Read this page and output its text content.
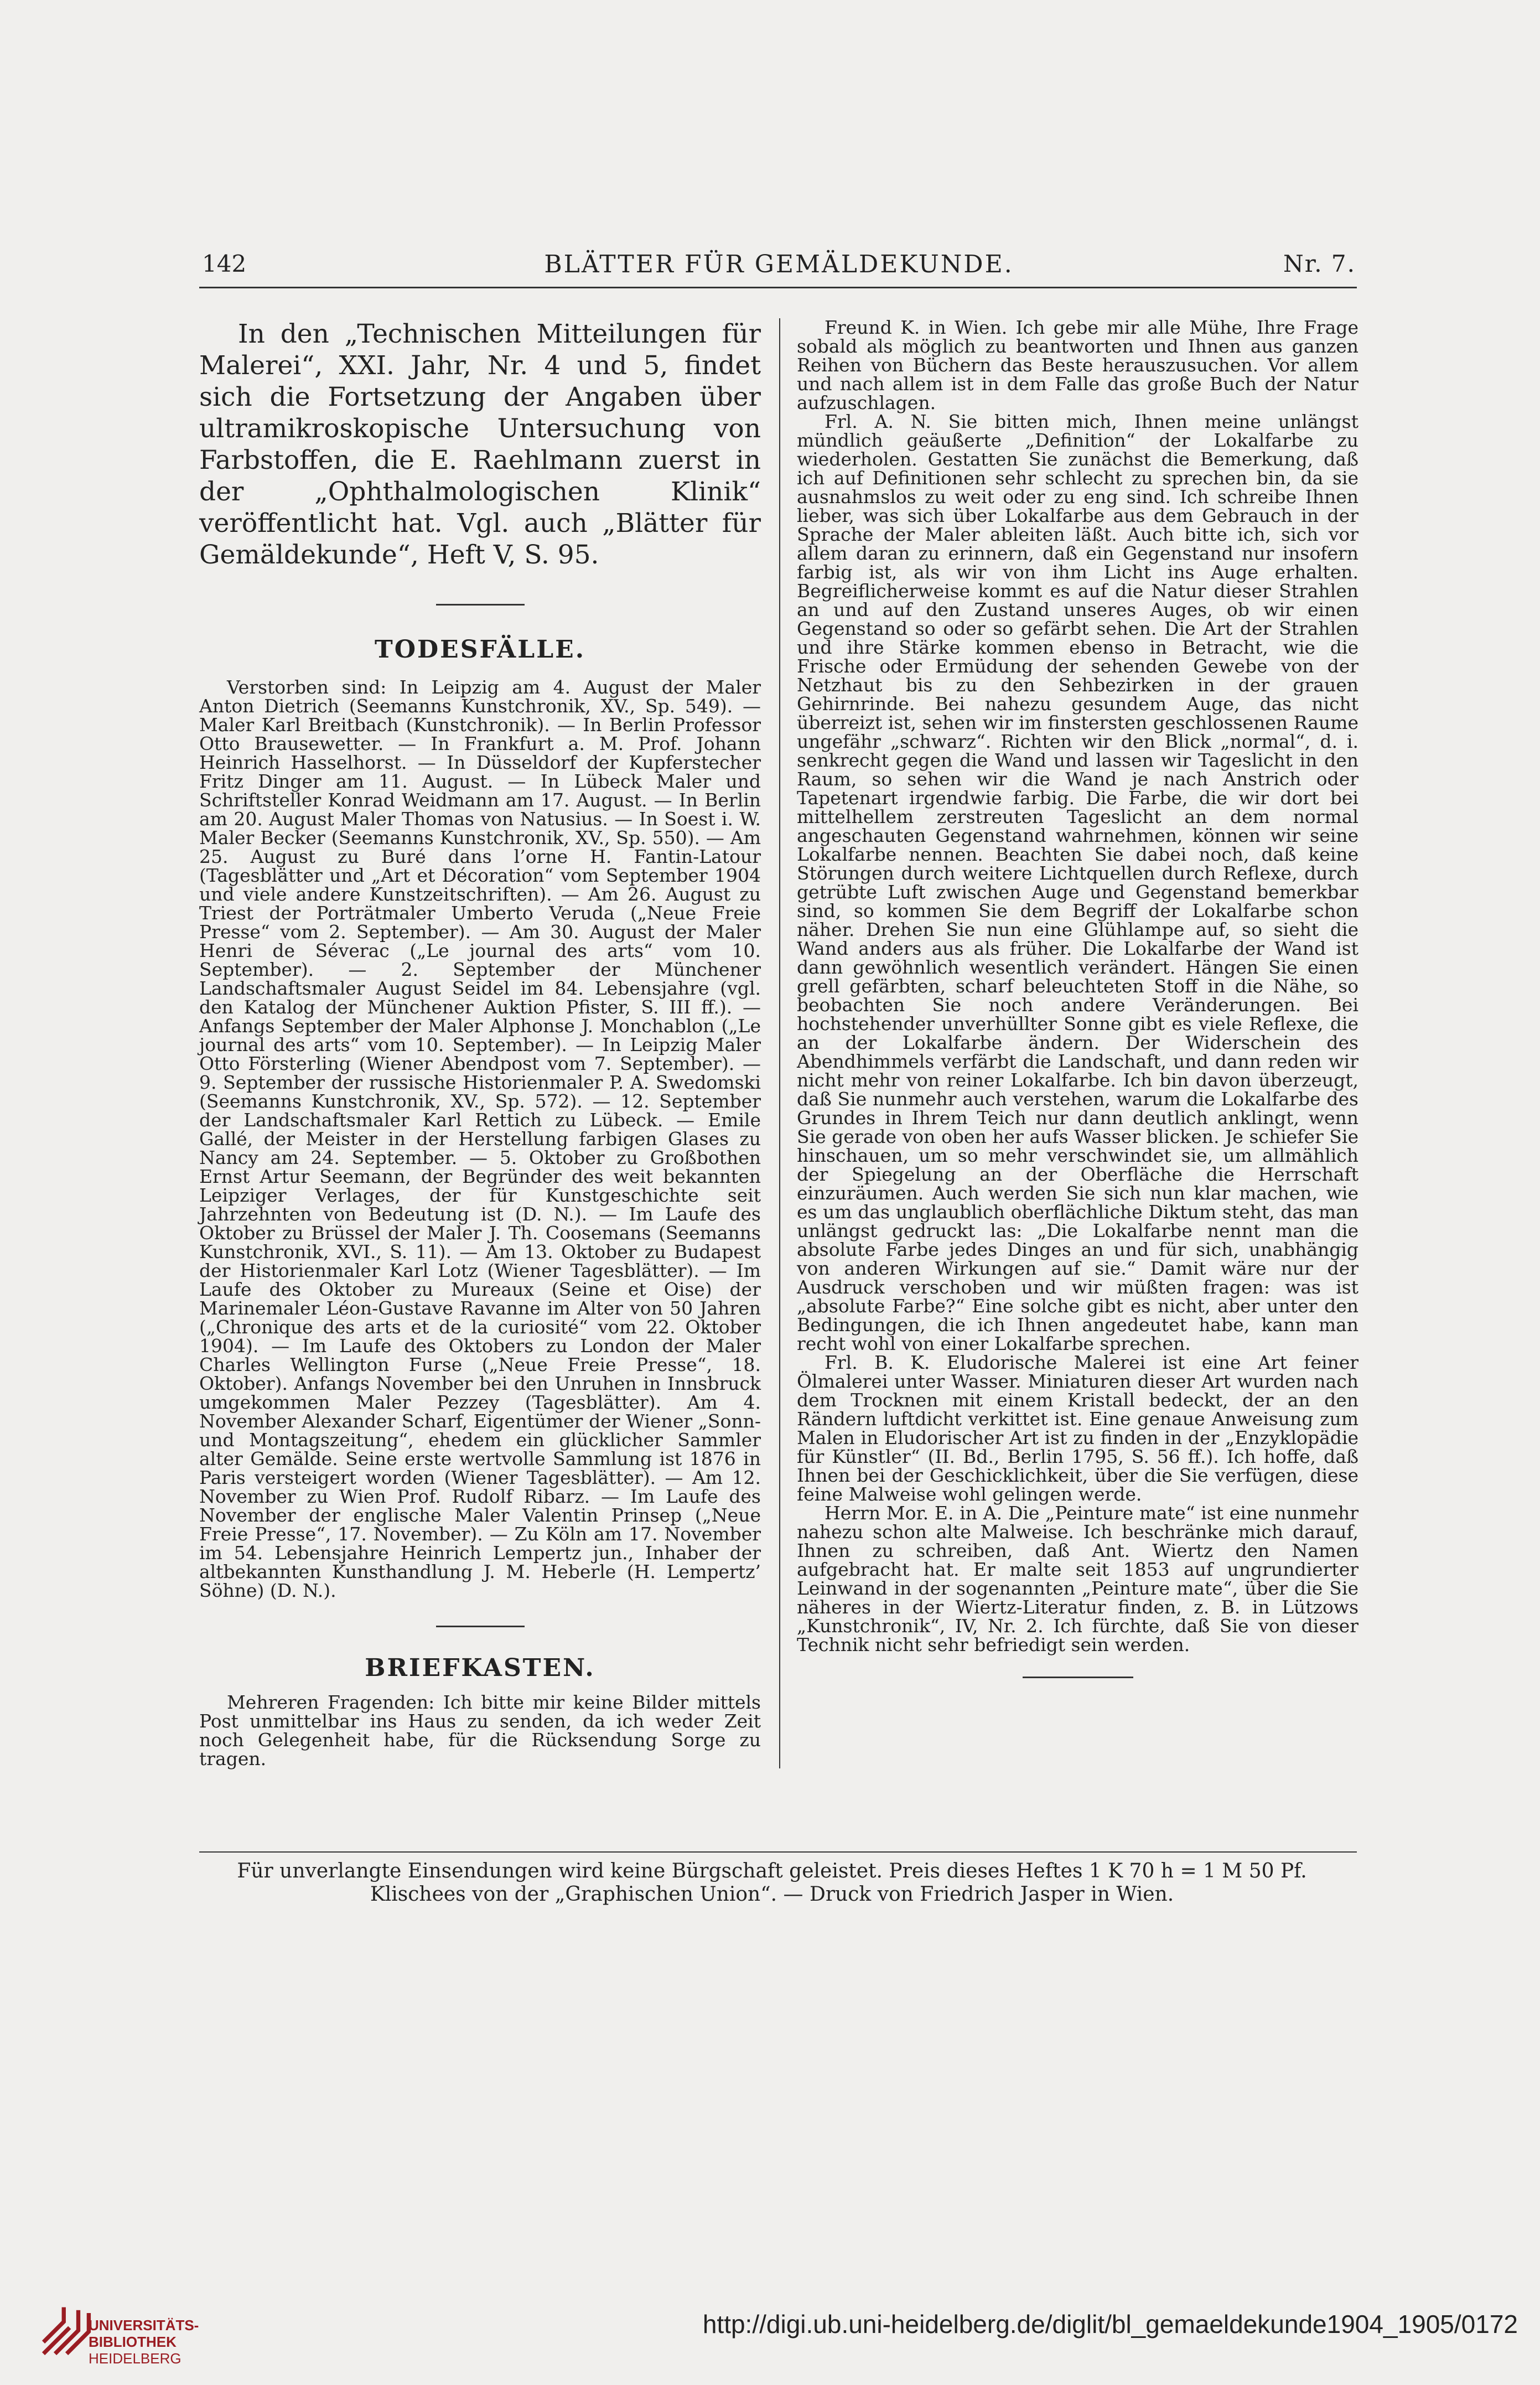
142	BLÄTTER FÜR GEMÄLDEKUNDE.	Nr. 7.

In den „Technischen Mitteilungen für Malerei“, XXI. Jahr, Nr. 4 und 5, findet sich die Fortsetzung der Angaben über ultramikroskopische Untersuchung von Farbstoffen, die E. Raehlmann zuerst in der „Ophthalmologischen Klinik“ veröffentlicht hat. Vgl. auch „Blätter für Gemäldekunde“, Heft V, S. 95.

TODESFÄLLE.

Verstorben sind: In Leipzig am 4. August der Maler Anton Dietrich (Seemanns Kunstchronik, XV., Sp. 549). — Maler Karl Breitbach (Kunstchronik). — In Berlin Professor Otto Brausewetter. — In Frankfurt a. M. Prof. Johann Heinrich Hasselhorst. — In Düsseldorf der Kupferstecher Fritz Dinger am 11. August. — In Lübeck Maler und Schriftsteller Konrad Weidmann am 17. August. — In Berlin am 20. August Maler Thomas von Natusius. — In Soest i. W. Maler Becker (Seemanns Kunstchronik, XV., Sp. 550). — Am 25. August zu Buré dans l’orne H. Fantin-Latour (Tagesblätter und „Art et Décoration“ vom September 1904 und viele andere Kunstzeitschriften). — Am 26. August zu Triest der Porträtmaler Umberto Veruda („Neue Freie Presse“ vom 2. September). — Am 30. August der Maler Henri de Séverac („Le journal des arts“ vom 10. September). — 2. September der Münchener Landschaftsmaler August Seidel im 84. Lebensjahre (vgl. den Katalog der Münchener Auktion Pfister, S. III ff.). — Anfangs September der Maler Alphonse J. Monchablon („Le journal des arts“ vom 10. September). — In Leipzig Maler Otto Försterling (Wiener Abendpost vom 7. September). — 9. September der russische Historienmaler P. A. Swedomski (Seemanns Kunstchronik, XV., Sp. 572). — 12. September der Landschaftsmaler Karl Rettich zu Lübeck. — Emile Gallé, der Meister in der Herstellung farbigen Glases zu Nancy am 24. September. — 5. Oktober zu Großbothen Ernst Artur Seemann, der Begründer des weit bekannten Leipziger Verlages, der für Kunstgeschichte seit Jahrzehnten von Bedeutung ist (D. N.). — Im Laufe des Oktober zu Brüssel der Maler J. Th. Coosemans (Seemanns Kunstchronik, XVI., S. 11). — Am 13. Oktober zu Budapest der Historienmaler Karl Lotz (Wiener Tagesblätter). — Im Laufe des Oktober zu Mureaux (Seine et Oise) der Marinemaler Léon-Gustave Ravanne im Alter von 50 Jahren („Chronique des arts et de la curiosité“ vom 22. Oktober 1904). — Im Laufe des Oktobers zu London der Maler Charles Wellington Furse („Neue Freie Presse“, 18. Oktober). Anfangs November bei den Unruhen in Innsbruck umgekommen Maler Pezzey (Tagesblätter). Am 4. November Alexander Scharf, Eigentümer der Wiener „Sonn- und Montagszeitung“, ehedem ein glücklicher Sammler alter Gemälde. Seine erste wertvolle Sammlung ist 1876 in Paris versteigert worden (Wiener Tagesblätter). — Am 12. November zu Wien Prof. Rudolf Ribarz. — Im Laufe des November der englische Maler Valentin Prinsep („Neue Freie Presse“, 17. November). — Zu Köln am 17. November im 54. Lebensjahre Heinrich Lempertz jun., Inhaber der altbekannten Kunsthandlung J. M. Heberle (H. Lempertz’ Söhne) (D. N.).

BRIEFKASTEN.

Mehreren Fragenden: Ich bitte mir keine Bilder mittels Post unmittelbar ins Haus zu senden, da ich weder Zeit noch Gelegenheit habe, für die Rücksendung Sorge zu tragen.

Freund K. in Wien. Ich gebe mir alle Mühe, Ihre Frage sobald als möglich zu beantworten und Ihnen aus ganzen Reihen von Büchern das Beste herauszusuchen. Vor allem und nach allem ist in dem Falle das große Buch der Natur aufzuschlagen.

Frl. A. N. Sie bitten mich, Ihnen meine unlängst mündlich geäußerte „Definition“ der Lokalfarbe zu wiederholen. Gestatten Sie zunächst die Bemerkung, daß ich auf Definitionen sehr schlecht zu sprechen bin, da sie ausnahmslos zu weit oder zu eng sind. Ich schreibe Ihnen lieber, was sich über Lokalfarbe aus dem Gebrauch in der Sprache der Maler ableiten läßt. Auch bitte ich, sich vor allem daran zu erinnern, daß ein Gegenstand nur insofern farbig ist, als wir von ihm Licht ins Auge erhalten. Begreiflicherweise kommt es auf die Natur dieser Strahlen an und auf den Zustand unseres Auges, ob wir einen Gegenstand so oder so gefärbt sehen. Die Art der Strahlen und ihre Stärke kommen ebenso in Betracht, wie die Frische oder Ermüdung der sehenden Gewebe von der Netzhaut bis zu den Sehbezirken in der grauen Gehirnrinde. Bei nahezu gesundem Auge, das nicht überreizt ist, sehen wir im finstersten geschlossenen Raume ungefähr „schwarz“. Richten wir den Blick „normal“, d. i. senkrecht gegen die Wand und lassen wir Tageslicht in den Raum, so sehen wir die Wand je nach Anstrich oder Tapetenart irgendwie farbig. Die Farbe, die wir dort bei mittelhellem zerstreuten Tageslicht an dem normal angeschauten Gegenstand wahrnehmen, können wir seine Lokalfarbe nennen. Beachten Sie dabei noch, daß keine Störungen durch weitere Lichtquellen durch Reflexe, durch getrübte Luft zwischen Auge und Gegenstand bemerkbar sind, so kommen Sie dem Begriff der Lokalfarbe schon näher. Drehen Sie nun eine Glühlampe auf, so sieht die Wand anders aus als früher. Die Lokalfarbe der Wand ist dann gewöhnlich wesentlich verändert. Hängen Sie einen grell gefärbten, scharf beleuchteten Stoff in die Nähe, so beobachten Sie noch andere Veränderungen. Bei hochstehender unverhüllter Sonne gibt es viele Reflexe, die an der Lokalfarbe ändern. Der Widerschein des Abendhimmels verfärbt die Landschaft, und dann reden wir nicht mehr von reiner Lokalfarbe. Ich bin davon überzeugt, daß Sie nunmehr auch verstehen, warum die Lokalfarbe des Grundes in Ihrem Teich nur dann deutlich anklingt, wenn Sie gerade von oben her aufs Wasser blicken. Je schiefer Sie hinschauen, um so mehr verschwindet sie, um allmählich der Spiegelung an der Oberfläche die Herrschaft einzuräumen. Auch werden Sie sich nun klar machen, wie es um das unglaublich oberflächliche Diktum steht, das man unlängst gedruckt las: „Die Lokalfarbe nennt man die absolute Farbe jedes Dinges an und für sich, unabhängig von anderen Wirkungen auf sie.“ Damit wäre nur der Ausdruck verschoben und wir müßten fragen: was ist „absolute Farbe?“ Eine solche gibt es nicht, aber unter den Bedingungen, die ich Ihnen angedeutet habe, kann man recht wohl von einer Lokalfarbe sprechen.

Frl. B. K. Eludorische Malerei ist eine Art feiner Ölmalerei unter Wasser. Miniaturen dieser Art wurden nach dem Trocknen mit einem Kristall bedeckt, der an den Rändern luftdicht verkittet ist. Eine genaue Anweisung zum Malen in Eludorischer Art ist zu finden in der „Enzyklopädie für Künstler“ (II. Bd., Berlin 1795, S. 56 ff.). Ich hoffe, daß Ihnen bei der Geschicklichkeit, über die Sie verfügen, diese feine Malweise wohl gelingen werde.

Herrn Mor. E. in A. Die „Peinture mate“ ist eine nunmehr nahezu schon alte Malweise. Ich beschränke mich darauf, Ihnen zu schreiben, daß Ant. Wiertz den Namen aufgebracht hat. Er malte seit 1853 auf ungrundierter Leinwand in der sogenannten „Peinture mate“, über die Sie näheres in der Wiertz-Literatur finden, z. B. in Lützows „Kunstchronik“, IV, Nr. 2. Ich fürchte, daß Sie von dieser Technik nicht sehr befriedigt sein werden.

Für unverlangte Einsendungen wird keine Bürgschaft geleistet. Preis dieses Heftes 1 K 70 h = 1 M 50 Pf.
Klischees von der „Graphischen Union“. — Druck von Friedrich Jasper in Wien.
UNIVERSITÄTS-
BIBLIOTHEK
HEIDELBERG
http://digi.ub.uni-heidelberg.de/diglit/bl_gemaeldekunde1904_1905/0172
